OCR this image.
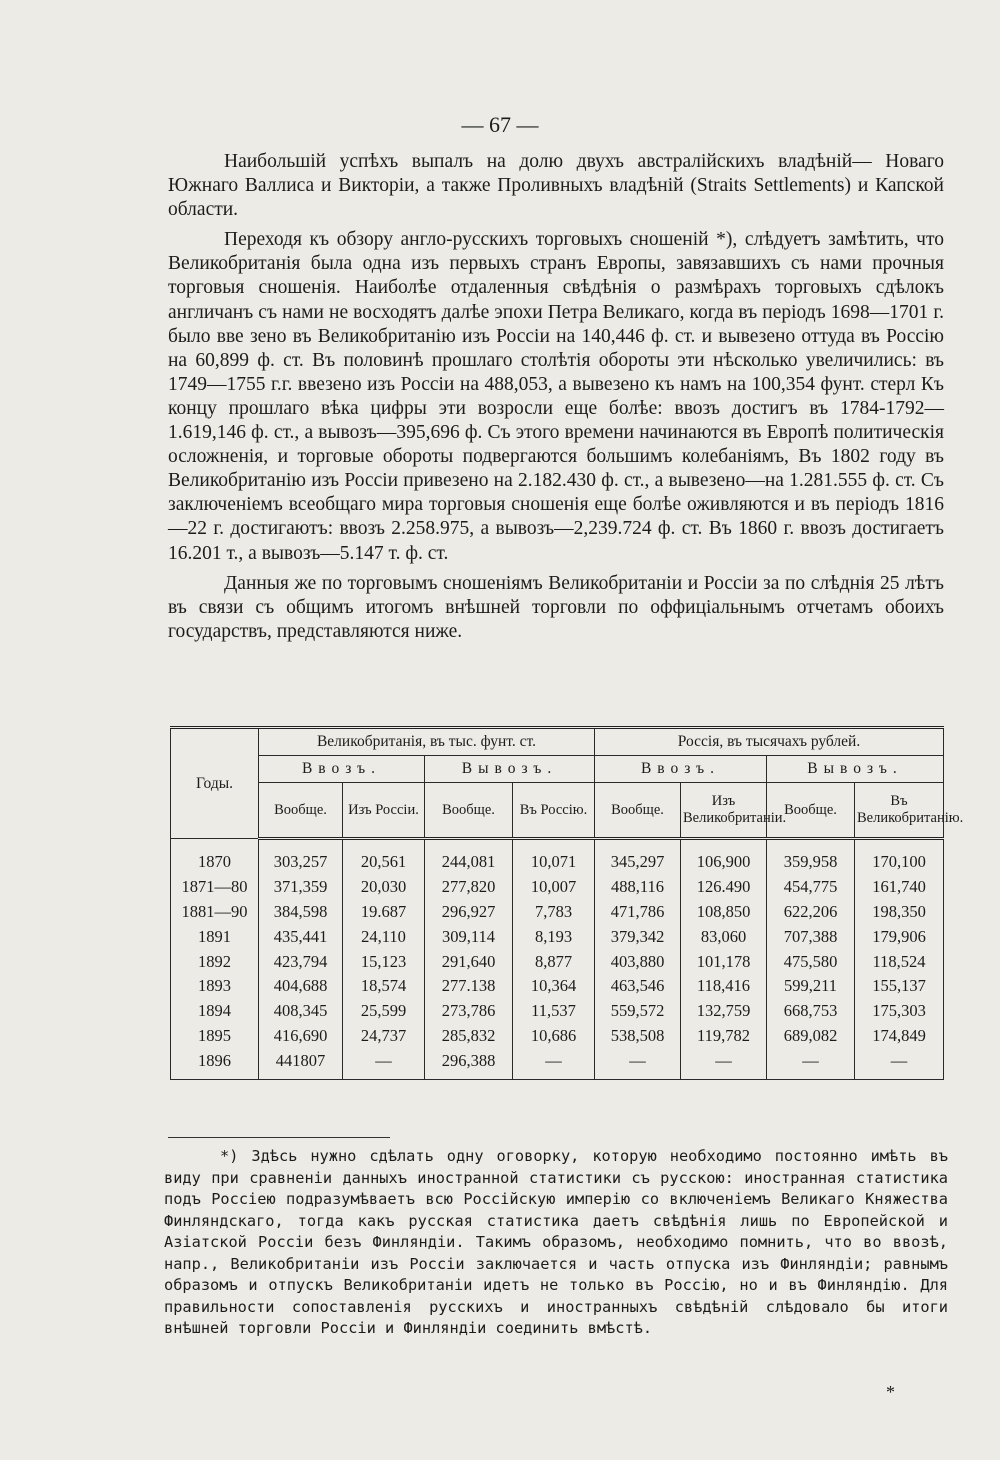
— 67 —

Наибольшій успѣхъ выпалъ на долю двухъ австралійскихъ владѣній— Новаго Южнаго Валлиса и Викторіи, а также Проливныхъ владѣній (Straits Settlements) и Капской области.

Переходя къ обзору англо-русскихъ торговыхъ сношеній *), слѣдуетъ замѣтить, что Великобританія была одна изъ первыхъ странъ Европы, завязавшихъ съ нами прочныя торговыя сношенія. Наиболѣе отдаленныя свѣдѣнія о размѣрахъ торговыхъ сдѣлокъ англичанъ съ нами не восходятъ далѣе эпохи Петра Великаго, когда въ періодъ 1698—1701 г. было вве зено въ Великобританію изъ Россіи на 140,446 ф. ст. и вывезено оттуда въ Россію на 60,899 ф. ст. Въ половинѣ прошлаго столѣтія обороты эти нѣсколько увеличились: въ 1749—1755 г.г. ввезено изъ Россіи на 488,053, а вывезено къ намъ на 100,354 фунт. стерл Къ концу прошлаго вѣка цифры эти возросли еще болѣе: ввозъ достигъ въ 1784-1792—1.619,146 ф. ст., а вывозъ—395,696 ф. Съ этого времени начинаются въ Европѣ политическія осложненія, и торговые обороты подвергаются большимъ колебаніямъ, Въ 1802 году въ Великобританію изъ Россіи привезено на 2.182.430 ф. ст., а вывезено—на 1.281.555 ф. ст. Съ заключеніемъ всеобщаго мира торговыя сношенія еще болѣе оживляются и въ періодъ 1816—22 г. достигаютъ: ввозъ 2.258.975, а вывозъ—2,239.724 ф. ст. Въ 1860 г. ввозъ достигаетъ 16.201 т., а вывозъ—5.147 т. ф. ст.

Данныя же по торговымъ сношеніямъ Великобританіи и Россіи за по слѣднія 25 лѣтъ въ связи съ общимъ итогомъ внѣшней торговли по оффиціальнымъ отчетамъ обоихъ государствъ, представляются ниже.

Годы.	Великобританія, въ тыс. фунт. ст.				Россія, въ тысячахъ рублей.			
	Ввозъ.		Вывозъ.		Ввозъ.		Вывозъ.	
	Вообще.	Изъ Россіи.	Вообще.	Въ Россію.	Вообще.	Изъ Великобританіи.	Вообще.	Въ Великобританію.

1870	303,257	20,561	244,081	10,071	345,297	106,900	359,958	170,100
1871—80	371,359	20,030	277,820	10,007	488,116	126.490	454,775	161,740
1881—90	384,598	19.687	296,927	7,783	471,786	108,850	622,206	198,350
1891	435,441	24,110	309,114	8,193	379,342	83,060	707,388	179,906
1892	423,794	15,123	291,640	8,877	403,880	101,178	475,580	118,524
1893	404,688	18,574	277.138	10,364	463,546	118,416	599,211	155,137
1894	408,345	25,599	273,786	11,537	559,572	132,759	668,753	175,303
1895	416,690	24,737	285,832	10,686	538,508	119,782	689,082	174,849
1896	441807	—	296,388	—	—	—	—	—

*) Здѣсь нужно сдѣлать одну оговорку, которую необходимо постоянно имѣть въ виду при сравненіи данныхъ иностранной статистики съ русскою: иностранная статистика подъ Россіею подразумѣваетъ всю Россійскую имперію со включеніемъ Великаго Княжества Финляндскаго, тогда какъ русская статистика даетъ свѣдѣнія лишь по Европейской и Азіатской Россіи безъ Финляндіи. Такимъ образомъ, необходимо помнить, что во ввозѣ, напр., Великобританіи изъ Россіи заключается и часть отпуска изъ Финляндіи; равнымъ образомъ и отпускъ Великобританіи идетъ не только въ Россію, но и въ Финляндію. Для правильности сопоставленія русскихъ и иностранныхъ свѣдѣній слѣдовало бы итоги внѣшней торговли Россіи и Финляндіи соединить вмѣстѣ.

*
